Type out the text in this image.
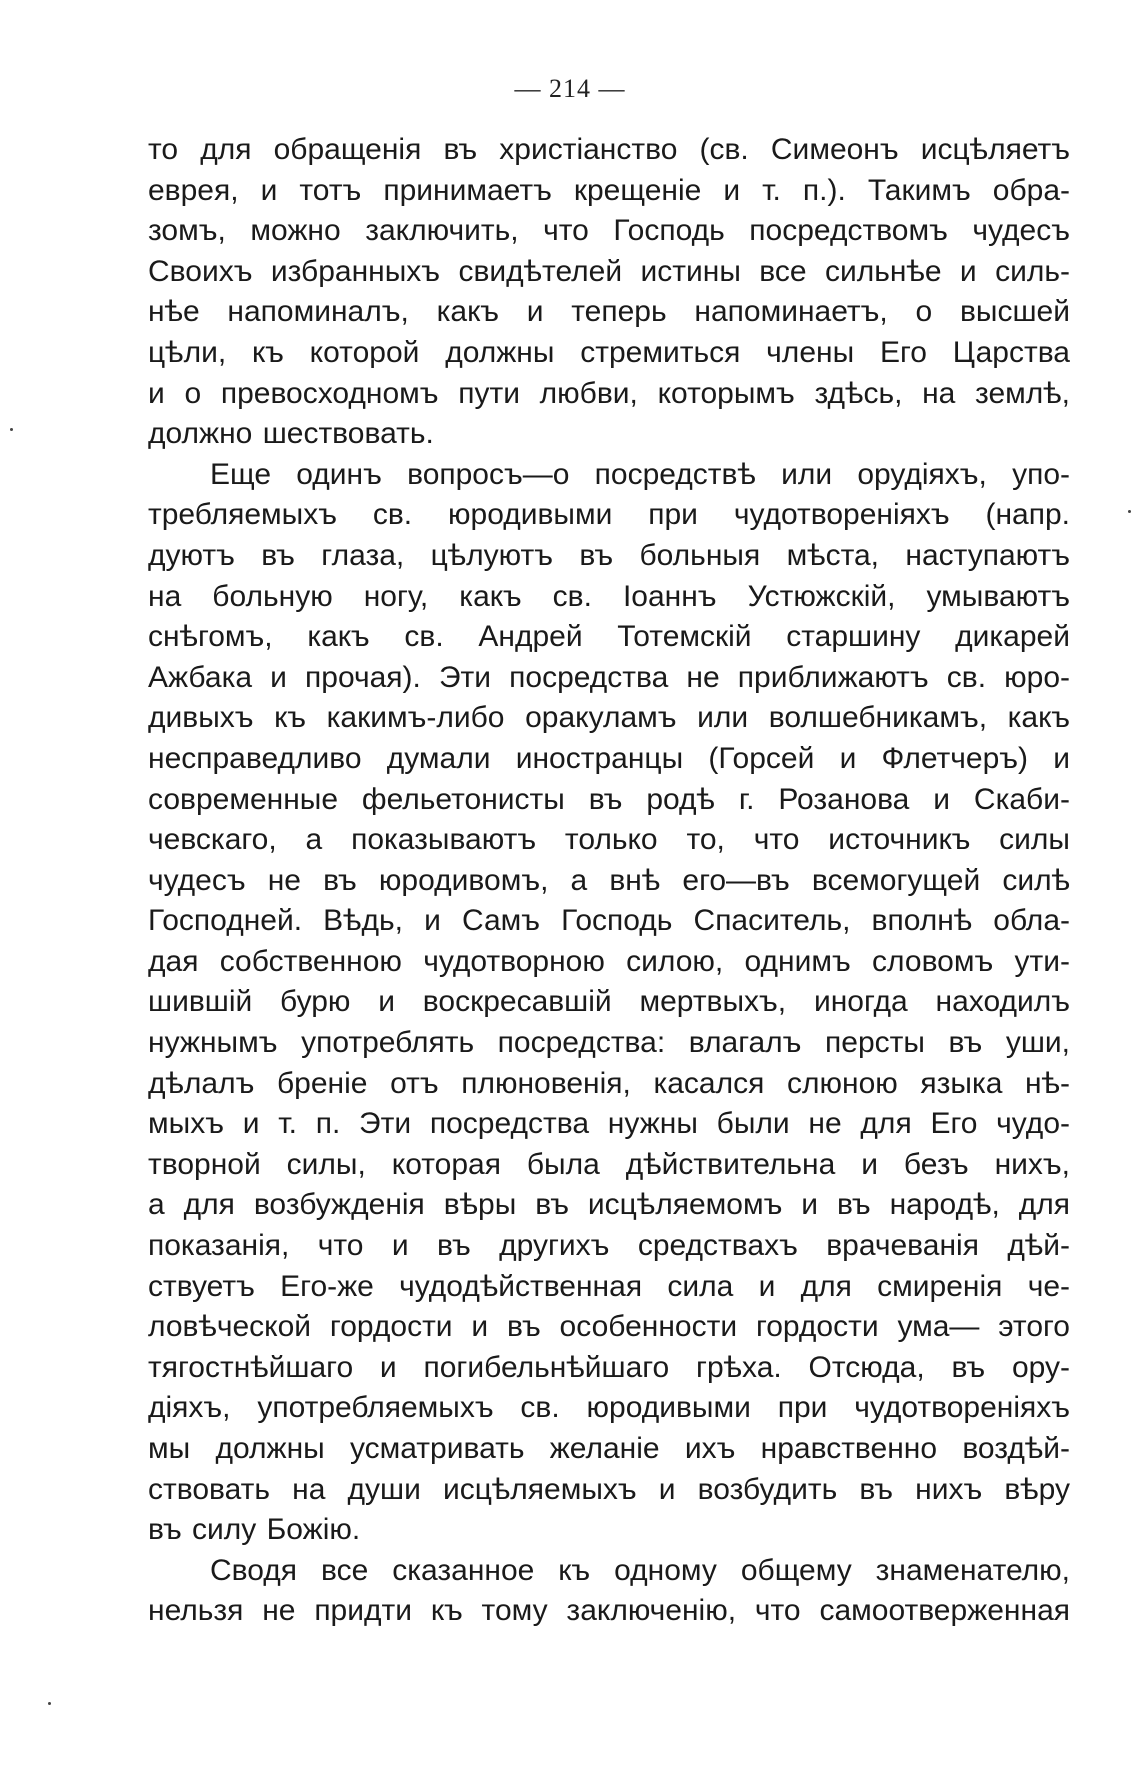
— 214 —
то для обращенія въ христіанство (св. Симеонъ исцѣляетъ
еврея, и тотъ принимаетъ крещеніе и т. п.). Такимъ обра-
зомъ, можно заключить, что Господь посредствомъ чудесъ
Своихъ избранныхъ свидѣтелей истины все сильнѣе и силь-
нѣе напоминалъ, какъ и теперь напоминаетъ, о высшей
цѣли, къ которой должны стремиться члены Его Царства
и о превосходномъ пути любви, которымъ здѣсь, на землѣ,
должно шествовать.
Еще одинъ вопросъ—о посредствѣ или орудіяхъ, упо-
требляемыхъ св. юродивыми при чудотвореніяхъ (напр.
дуютъ въ глаза, цѣлуютъ въ больныя мѣста, наступаютъ
на больную ногу, какъ св. Іоаннъ Устюжскій, умываютъ
снѣгомъ, какъ св. Андрей Тотемскій старшину дикарей
Ажбака и прочая). Эти посредства не приближаютъ св. юро-
дивыхъ къ какимъ-либо оракуламъ или волшебникамъ, какъ
несправедливо думали иностранцы (Горсей и Флетчеръ) и
современные фельетонисты въ родѣ г. Розанова и Скаби-
чевскаго, а показываютъ только то, что источникъ силы
чудесъ не въ юродивомъ, а внѣ его—въ всемогущей силѣ
Господней. Вѣдь, и Самъ Господь Спаситель, вполнѣ обла-
дая собственною чудотворною силою, однимъ словомъ ути-
шившій бурю и воскресавшій мертвыхъ, иногда находилъ
нужнымъ употреблять посредства: влагалъ персты въ уши,
дѣлалъ бреніе отъ плюновенія, касался слюною языка нѣ-
мыхъ и т. п. Эти посредства нужны были не для Его чудо-
творной силы, которая была дѣйствительна и безъ нихъ,
а для возбужденія вѣры въ исцѣляемомъ и въ народѣ, для
показанія, что и въ другихъ средствахъ врачеванія дѣй-
ствуетъ Его-же чудодѣйственная сила и для смиренія че-
ловѣческой гордости и въ особенности гордости ума— этого
тягостнѣйшаго и погибельнѣйшаго грѣха. Отсюда, въ ору-
діяхъ, употребляемыхъ св. юродивыми при чудотвореніяхъ
мы должны усматривать желаніе ихъ нравственно воздѣй-
ствовать на души исцѣляемыхъ и возбудить въ нихъ вѣру
въ силу Божію.
Сводя все сказанное къ одному общему знаменателю,
нельзя не придти къ тому заключенію, что самоотверженная
